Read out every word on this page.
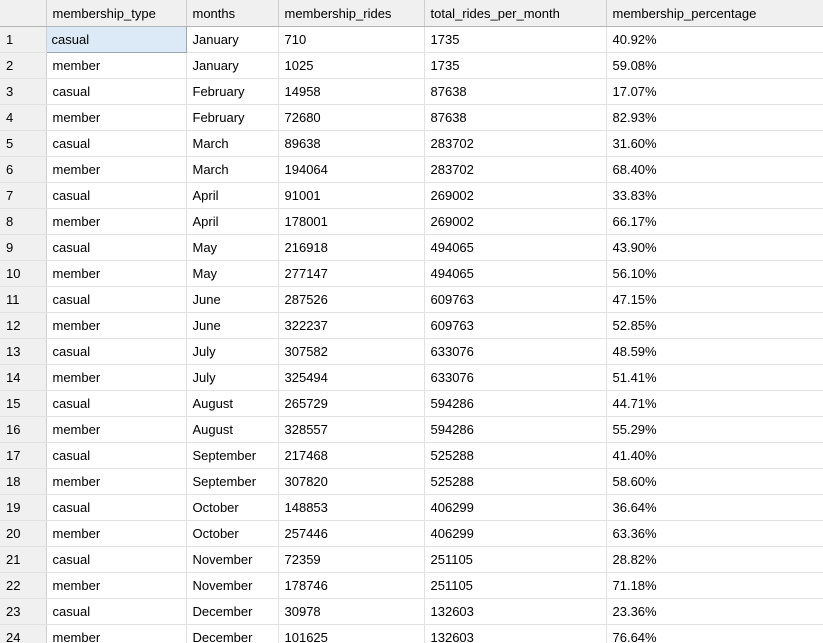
	membership_type	months	membership_rides	total_rides_per_month	membership_percentage
1	casual	January	710	1735	40.92%
2	member	January	1025	1735	59.08%
3	casual	February	14958	87638	17.07%
4	member	February	72680	87638	82.93%
5	casual	March	89638	283702	31.60%
6	member	March	194064	283702	68.40%
7	casual	April	91001	269002	33.83%
8	member	April	178001	269002	66.17%
9	casual	May	216918	494065	43.90%
10	member	May	277147	494065	56.10%
11	casual	June	287526	609763	47.15%
12	member	June	322237	609763	52.85%
13	casual	July	307582	633076	48.59%
14	member	July	325494	633076	51.41%
15	casual	August	265729	594286	44.71%
16	member	August	328557	594286	55.29%
17	casual	September	217468	525288	41.40%
18	member	September	307820	525288	58.60%
19	casual	October	148853	406299	36.64%
20	member	October	257446	406299	63.36%
21	casual	November	72359	251105	28.82%
22	member	November	178746	251105	71.18%
23	casual	December	30978	132603	23.36%
24	member	December	101625	132603	76.64%
